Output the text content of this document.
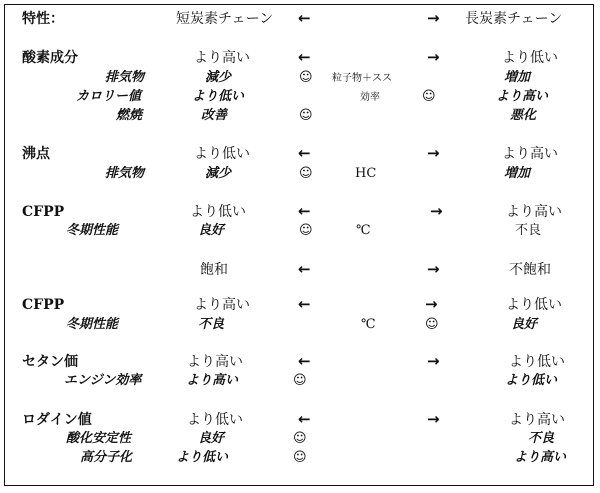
特性：	短炭素チェーン ←	→ 長炭素チェーン
酸素成分	より高い	←	→	より低い
排気物	減少	☺ 粒子物＋スス	増加
カロリー値	より低い	効率	☺	より高い
燃焼	改善	☺	悪化
沸点	より低い	←	→	より高い
排気物	減少	☺	HC	増加
CFPP	より低い	←	→	より高い
冬期性能	良好	☺	℃	不良
飽和	←	→	不飽和
CFPP	より高い	←	→	より低い
冬期性能	不良	℃	☺	良好
セタン価	より高い	←	→	より低い
エンジン効率	より高い	☺	より低い
ロダイン値	より低い	←	→	より高い
酸化安定性	良好	☺	不良
高分子化	より低い	☺	より高い
